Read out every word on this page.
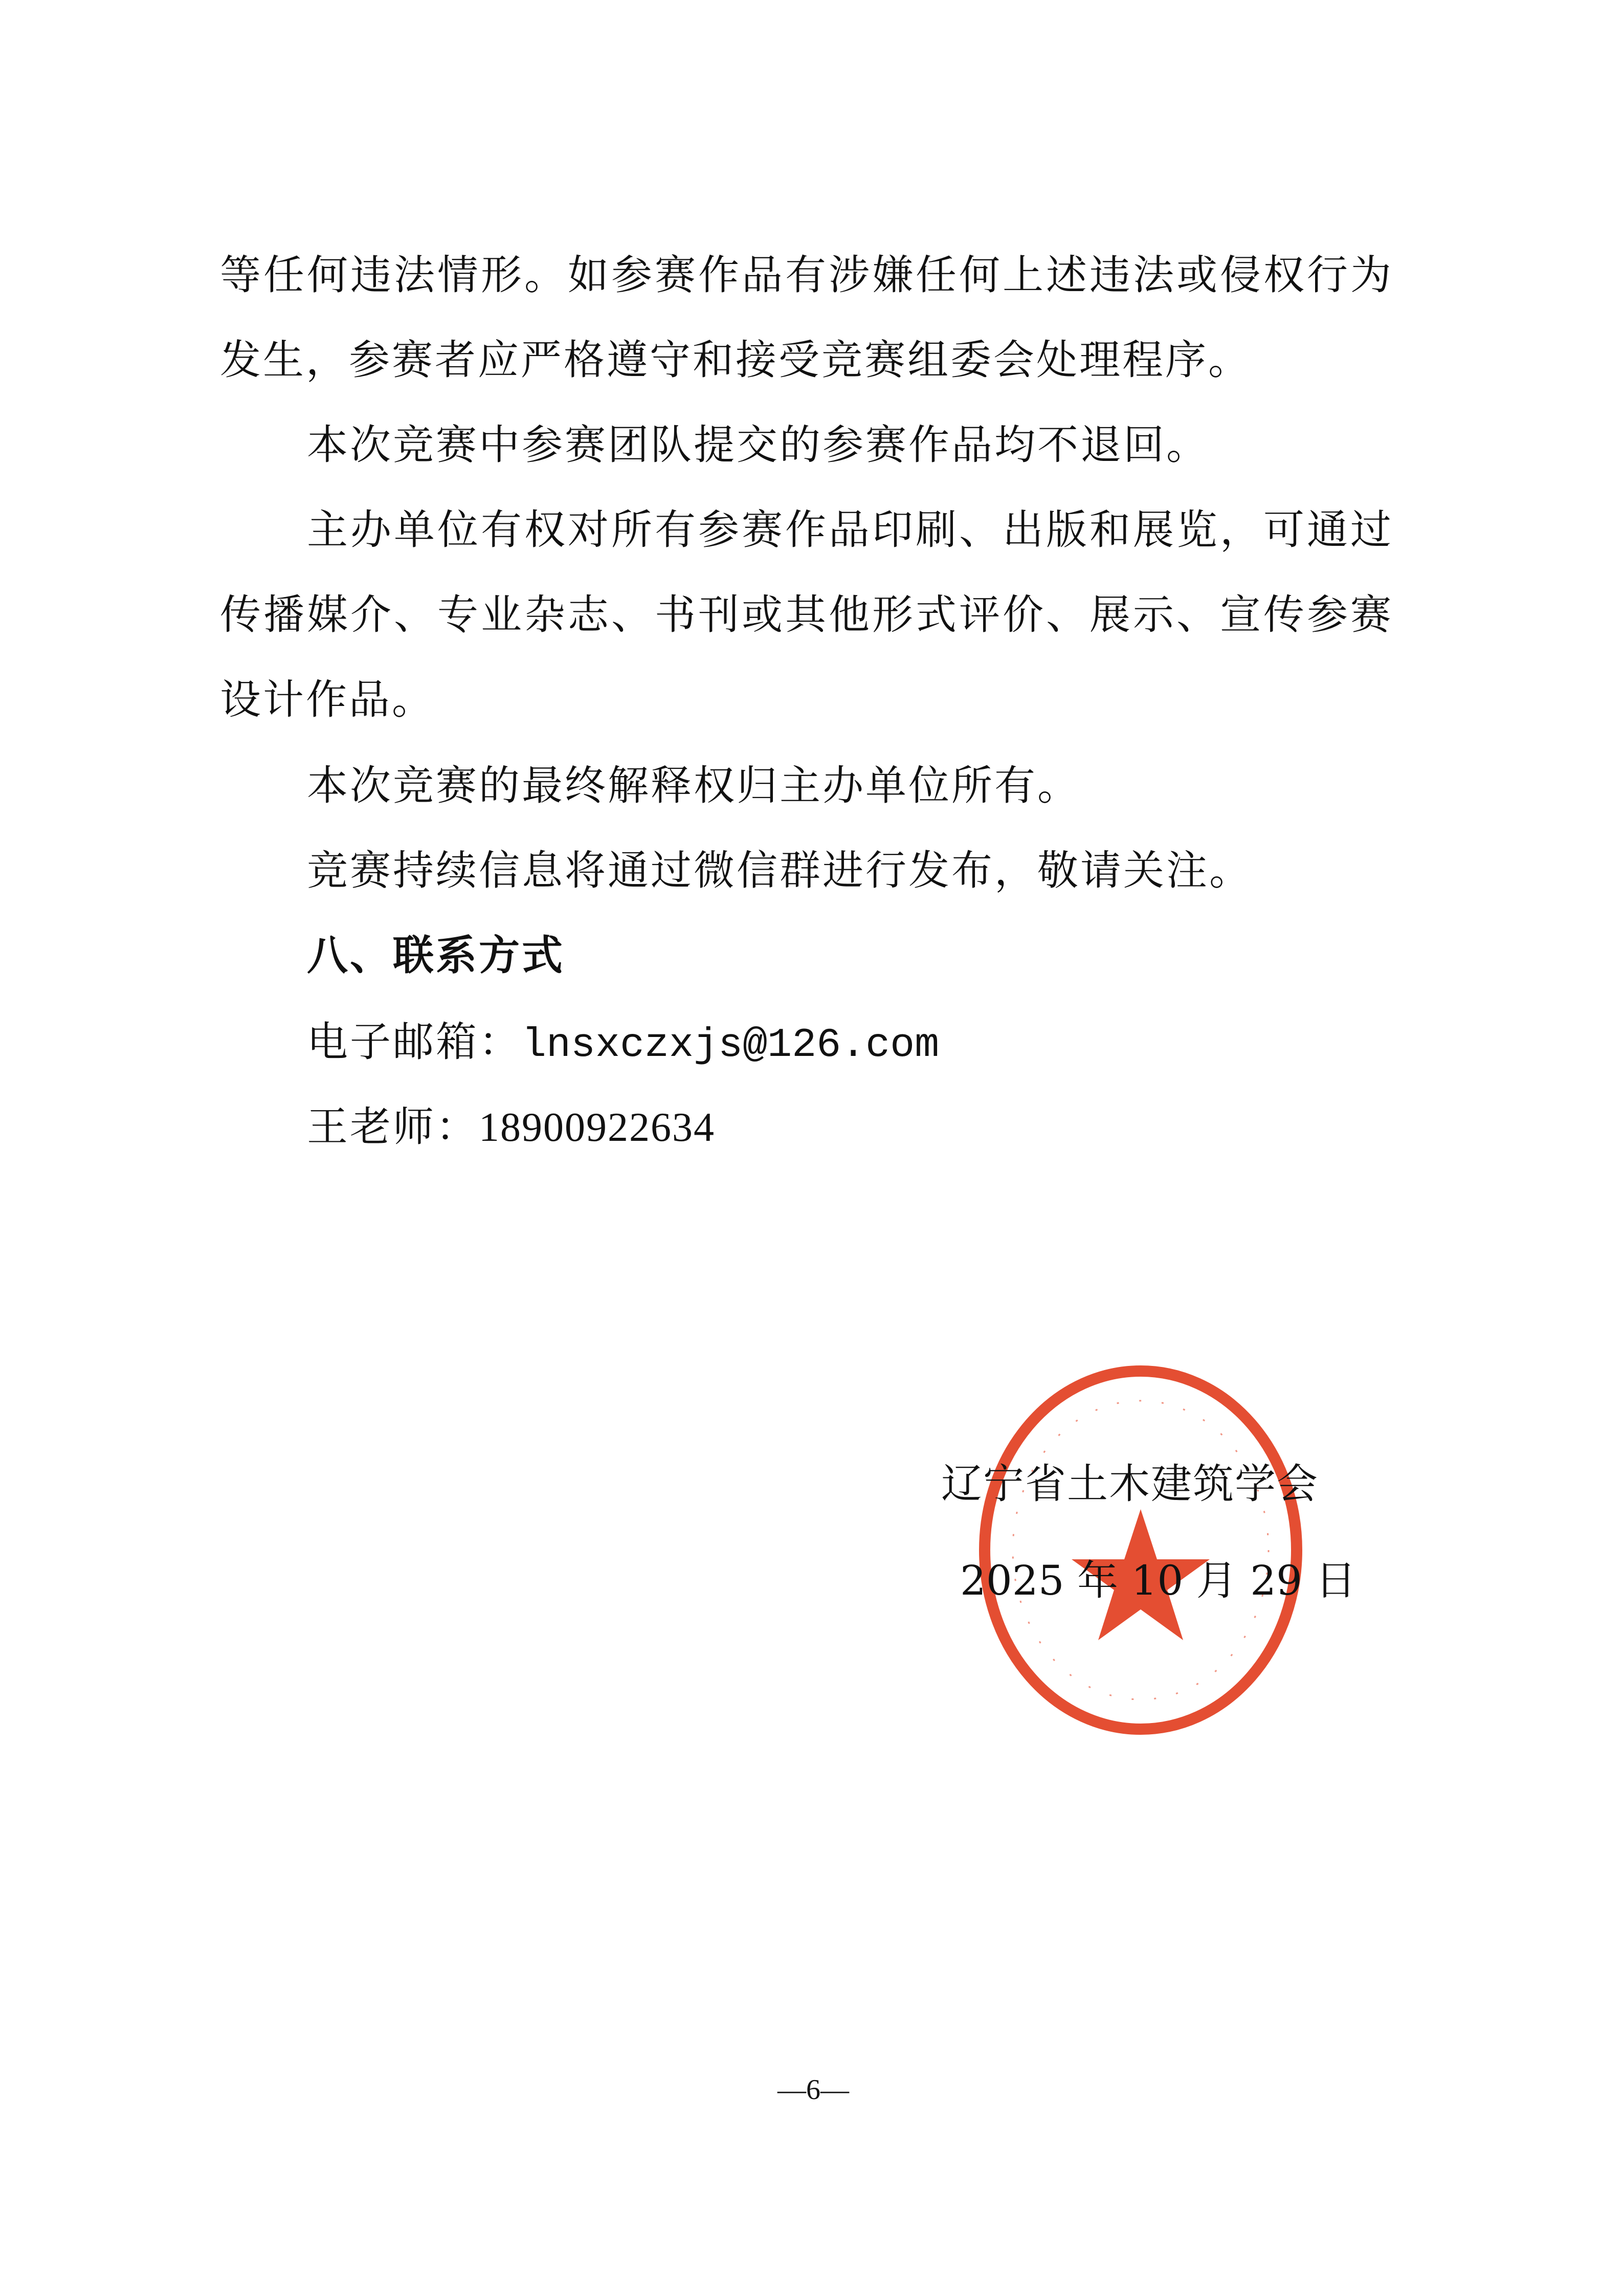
等任何违法情形。如参赛作品有涉嫌任何上述违法或侵权行为
发生，参赛者应严格遵守和接受竞赛组委会处理程序。
本次竞赛中参赛团队提交的参赛作品均不退回。
主办单位有权对所有参赛作品印刷、出版和展览，可通过
传播媒介、专业杂志、书刊或其他形式评价、展示、宣传参赛
设计作品。
本次竞赛的最终解释权归主办单位所有。
竞赛持续信息将通过微信群进行发布，敬请关注。
八、联系方式
电子邮箱：lnsxczxjs@126.com
王老师：18900922634
辽宁省土木建筑学会
2025 年 10 月 29 日
—6—
